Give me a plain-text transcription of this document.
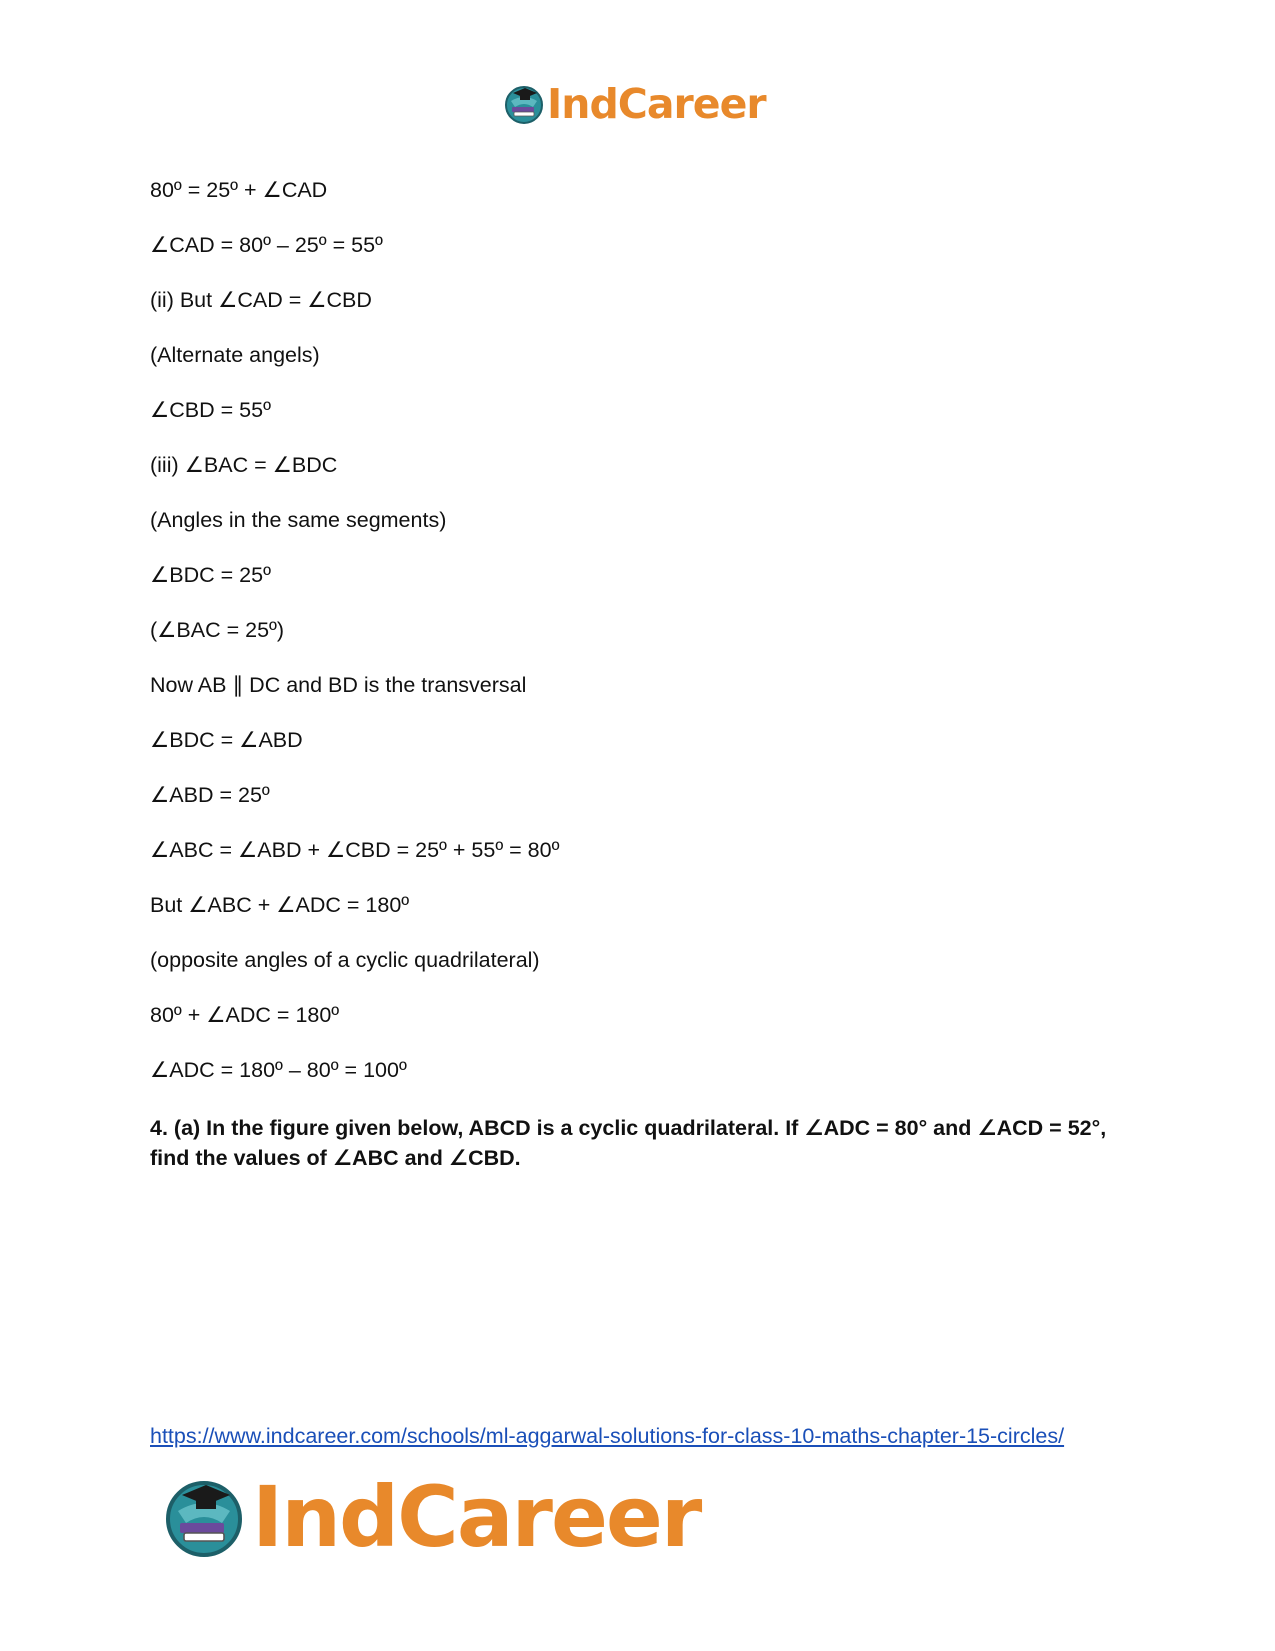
IndCareer
80º = 25º + ∠CAD
∠CAD = 80º – 25º = 55º
(ii) But ∠CAD = ∠CBD
(Alternate angels)
∠CBD = 55º
(iii) ∠BAC = ∠BDC
(Angles in the same segments)
∠BDC = 25º
(∠BAC = 25º)
Now AB ∥ DC and BD is the transversal
∠BDC = ∠ABD
∠ABD = 25º
∠ABC = ∠ABD + ∠CBD = 25º + 55º = 80º
But ∠ABC + ∠ADC = 180º
(opposite angles of a cyclic quadrilateral)
80º + ∠ADC = 180º
∠ADC = 180º – 80º = 100º
4. (a) In the figure given below, ABCD is a cyclic quadrilateral. If ∠ADC = 80° and ∠ACD = 52°, find the values of ∠ABC and ∠CBD.
https://www.indcareer.com/schools/ml-aggarwal-solutions-for-class-10-maths-chapter-15-circles/
IndCareer
